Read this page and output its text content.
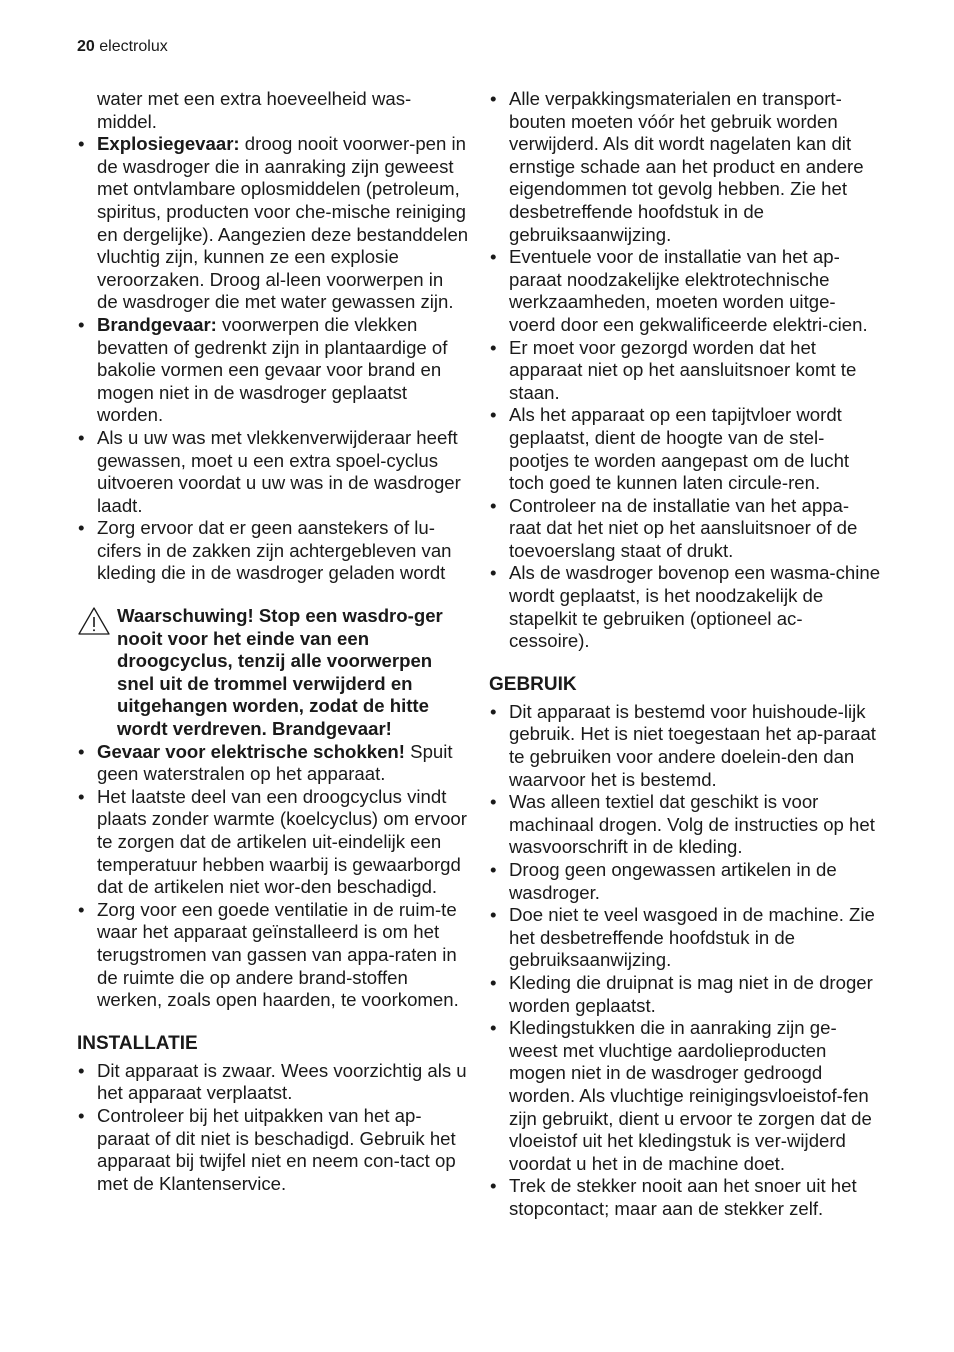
20 electrolux

water met een extra hoeveelheid was-middel.

• Explosiegevaar: droog nooit voorwer-pen in de wasdroger die in aanraking zijn geweest met ontvlambare oplosmiddelen (petroleum, spiritus, producten voor che-mische reiniging en dergelijke). Aangezien deze bestanddelen vluchtig zijn, kunnen ze een explosie veroorzaken. Droog al-leen voorwerpen in de wasdroger die met water gewassen zijn.
• Brandgevaar: voorwerpen die vlekken bevatten of gedrenkt zijn in plantaardige of bakolie vormen een gevaar voor brand en mogen niet in de wasdroger geplaatst worden.
• Als u uw was met vlekkenverwijderaar heeft gewassen, moet u een extra spoel-cyclus uitvoeren voordat u uw was in de wasdroger laadt.
• Zorg ervoor dat er geen aanstekers of lu-cifers in de zakken zijn achtergebleven van kleding die in de wasdroger geladen wordt
Waarschuwing! Stop een wasdro-ger nooit voor het einde van een droogcyclus, tenzij alle voorwerpen snel uit de trommel verwijderd en uitgehangen worden, zodat de hitte wordt verdreven. Brandgevaar!
• Gevaar voor elektrische schokken! Spuit geen waterstralen op het apparaat.
• Het laatste deel van een droogcyclus vindt plaats zonder warmte (koelcyclus) om ervoor te zorgen dat de artikelen uit-eindelijk een temperatuur hebben waarbij is gewaarborgd dat de artikelen niet wor-den beschadigd.
• Zorg voor een goede ventilatie in de ruim-te waar het apparaat geïnstalleerd is om het terugstromen van gassen van appa-raten in de ruimte die op andere brand-stoffen werken, zoals open haarden, te voorkomen.
INSTALLATIE
• Dit apparaat is zwaar. Wees voorzichtig als u het apparaat verplaatst.
• Controleer bij het uitpakken van het ap-paraat of dit niet is beschadigd. Gebruik het apparaat bij twijfel niet en neem con-tact op met de Klantenservice.
• Alle verpakkingsmaterialen en transport-bouten moeten vóór het gebruik worden verwijderd. Als dit wordt nagelaten kan dit ernstige schade aan het product en andere eigendommen tot gevolg hebben. Zie het desbetreffende hoofdstuk in de gebruiksaanwijzing.
• Eventuele voor de installatie van het ap-paraat noodzakelijke elektrotechnische werkzaamheden, moeten worden uitge-voerd door een gekwalificeerde elektri-cien.
• Er moet voor gezorgd worden dat het apparaat niet op het aansluitsnoer komt te staan.
• Als het apparaat op een tapijtvloer wordt geplaatst, dient de hoogte van de stel-pootjes te worden aangepast om de lucht toch goed te kunnen laten circule-ren.
• Controleer na de installatie van het appa-raat dat het niet op het aansluitsnoer of de toevoerslang staat of drukt.
• Als de wasdroger bovenop een wasma-chine wordt geplaatst, is het noodzakelijk de stapelkit te gebruiken (optioneel ac-cessoire).
GEBRUIK
• Dit apparaat is bestemd voor huishoude-lijk gebruik. Het is niet toegestaan het ap-paraat te gebruiken voor andere doelein-den dan waarvoor het is bestemd.
• Was alleen textiel dat geschikt is voor machinaal drogen. Volg de instructies op het wasvoorschrift in de kleding.
• Droog geen ongewassen artikelen in de wasdroger.
• Doe niet te veel wasgoed in de machine. Zie het desbetreffende hoofdstuk in de gebruiksaanwijzing.
• Kleding die druipnat is mag niet in de droger worden geplaatst.
• Kledingstukken die in aanraking zijn ge-weest met vluchtige aardolieproducten mogen niet in de wasdroger gedroogd worden. Als vluchtige reinigingsvloeistof-fen zijn gebruikt, dient u ervoor te zorgen dat de vloeistof uit het kledingstuk is ver-wijderd voordat u het in de machine doet.
• Trek de stekker nooit aan het snoer uit het stopcontact; maar aan de stekker zelf.
